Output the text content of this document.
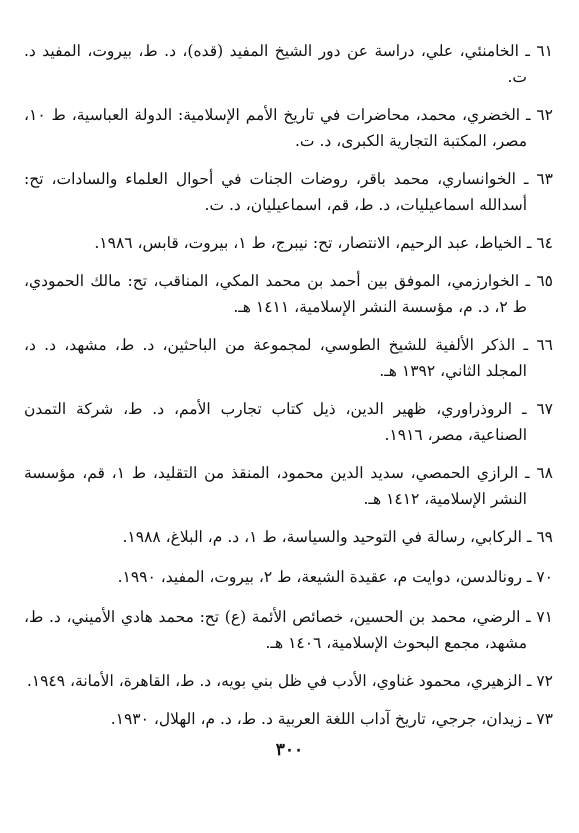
٦١ ـ الخامنئي، علي، دراسة عن دور الشيخ المفيد (قده)، د. ط، بيروت، المفيد د. ت.

٦٢ ـ الخضري، محمد، محاضرات في تاريخ الأمم الإسلامية: الدولة العباسية، ط ١٠، مصر، المكتبة التجارية الكبرى، د. ت.

٦٣ ـ الخوانساري، محمد باقر، روضات الجنات في أحوال العلماء والسادات، تح: أسدالله اسماعيليات، د. ط، قم، اسماعيليان، د. ت.

٦٤ ـ الخياط، عبد الرحيم، الانتصار، تح: نيبرج، ط ١، بيروت، قابس، ١٩٨٦.

٦٥ ـ الخوارزمي، الموفق بين أحمد بن محمد المكي، المناقب، تح: مالك الحمودي، ط ٢، د. م، مؤسسة النشر الإسلامية، ١٤١١ هـ.

٦٦ ـ الذكر الألفية للشيخ الطوسي، لمجموعة من الباحثين، د. ط، مشهد، د. د، المجلد الثاني، ١٣٩٢ هـ.

٦٧ ـ الروذراوري، ظهير الدين، ذيل كتاب تجارب الأمم، د. ط، شركة التمدن الصناعية، مصر، ١٩١٦.

٦٨ ـ الرازي الحمصي، سديد الدين محمود، المنقذ من التقليد، ط ١، قم، مؤسسة النشر الإسلامية، ١٤١٢ هـ.

٦٩ ـ الركابي، رسالة في التوحيد والسياسة، ط ١، د. م، البلاغ، ١٩٨٨.

٧٠ ـ رونالدسن، دوايت م، عقيدة الشيعة، ط ٢، بيروت، المفيد، ١٩٩٠.

٧١ ـ الرضي، محمد بن الحسين، خصائص الأئمة (ع) تح: محمد هادي الأميني، د. ط، مشهد، مجمع البحوث الإسلامية، ١٤٠٦ هـ.

٧٢ ـ الزهيري، محمود غناوي، الأدب في ظل بني بويه، د. ط، القاهرة، الأمانة، ١٩٤٩.

٧٣ ـ زيدان، جرجي، تاريخ آداب اللغة العربية د. ط، د. م، الهلال، ١٩٣٠.

٣٠٠
